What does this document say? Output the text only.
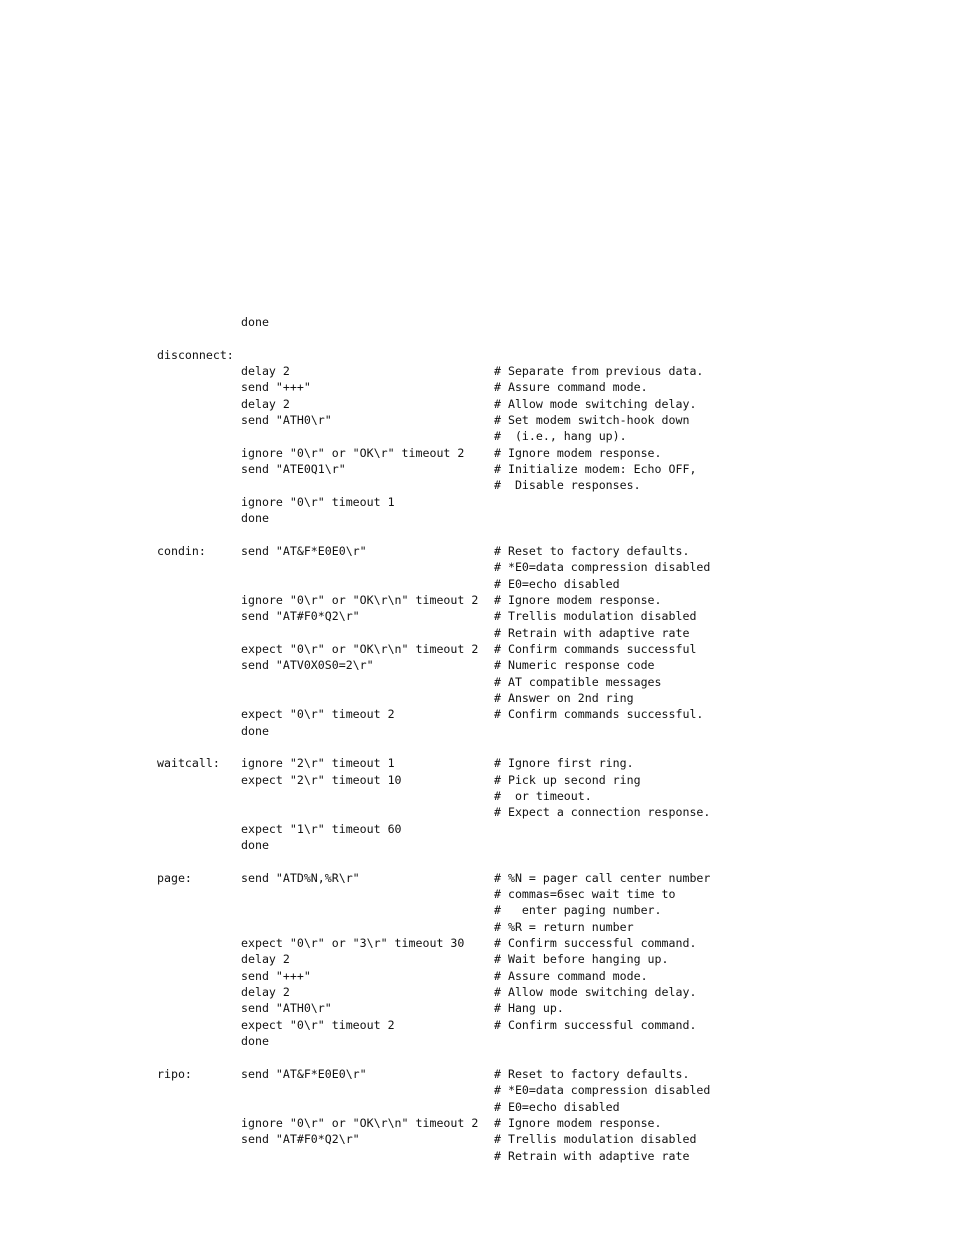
done
disconnect:
delay 2	# Separate from previous data.
send "+++"	# Assure command mode.
delay 2	# Allow mode switching delay.
send "ATH0\r"	# Set modem switch-hook down
#  (i.e., hang up).
ignore "0\r" or "OK\r" timeout 2	# Ignore modem response.
send "ATE0Q1\r"	# Initialize modem: Echo OFF,
#  Disable responses.
ignore "0\r" timeout 1
done
condin:	send "AT&F*E0E0\r"	# Reset to factory defaults.
# *E0=data compression disabled
# E0=echo disabled
ignore "0\r" or "OK\r\n" timeout 2 # Ignore modem response.
send "AT#F0*Q2\r"	# Trellis modulation disabled
# Retrain with adaptive rate
expect "0\r" or "OK\r\n" timeout 2 # Confirm commands successful
send "ATV0X0S0=2\r"	# Numeric response code
# AT compatible messages
# Answer on 2nd ring
expect "0\r" timeout 2	# Confirm commands successful.
done
waitcall: ignore "2\r" timeout 1	# Ignore first ring.
expect "2\r" timeout 10	# Pick up second ring
#  or timeout.
# Expect a connection response.
expect "1\r" timeout 60
done
page:	send "ATD%N,%R\r"	# %N = pager call center number
# commas=6sec wait time to
#   enter paging number.
# %R = return number
expect "0\r" or "3\r" timeout 30	# Confirm successful command.
delay 2	# Wait before hanging up.
send "+++"	# Assure command mode.
delay 2	# Allow mode switching delay.
send "ATH0\r"	# Hang up.
expect "0\r" timeout 2	# Confirm successful command.
done
ripo:	send "AT&F*E0E0\r"	# Reset to factory defaults.
# *E0=data compression disabled
# E0=echo disabled
ignore "0\r" or "OK\r\n" timeout 2 # Ignore modem response.
send "AT#F0*Q2\r"	# Trellis modulation disabled
# Retrain with adaptive rate
